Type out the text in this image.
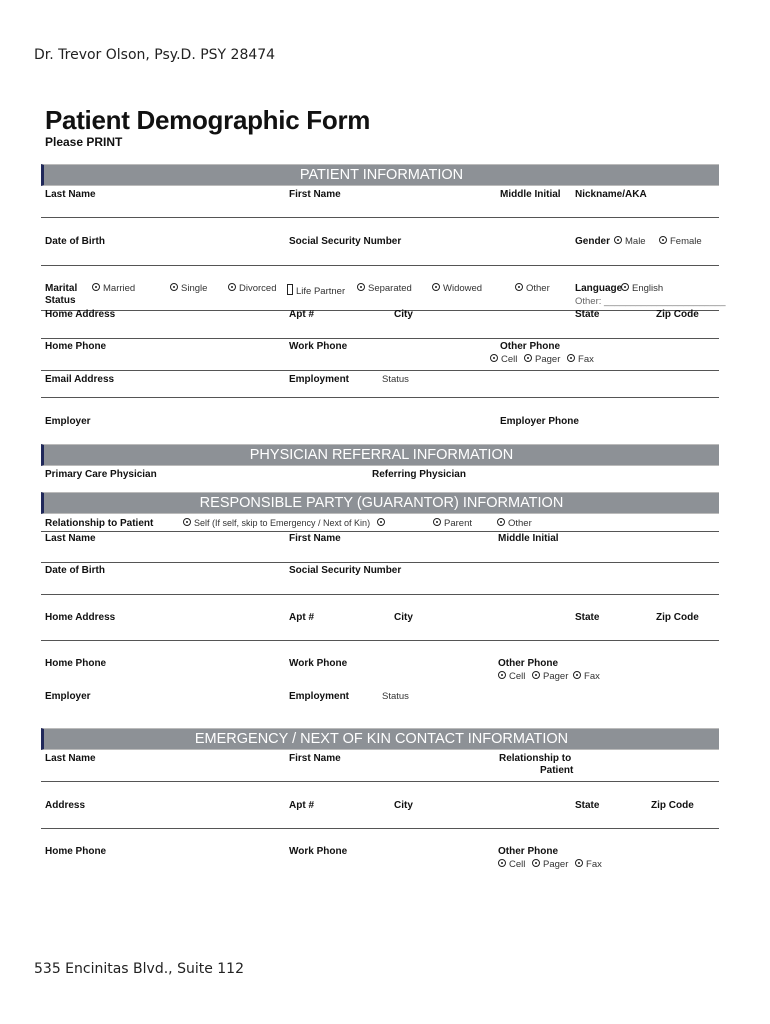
Dr. Trevor Olson, Psy.D. PSY 28474
Patient Demographic Form
Please PRINT
PATIENT INFORMATION
Last Name	First Name	Middle Initial Nickname/AKA
Date of Birth	Social Security Number	Gender	Male	Female
Marital
Status
Married	Single	Divorced	Life Partner	Separated	Widowed	Other	Language	English
Other: _______________________
Home Address	Apt #	City	State	Zip Code
Home Phone	Work Phone	Other Phone
Cell Pager Fax
Email Address	Employment	Status
Employer	Employer Phone
PHYSICIAN REFERRAL INFORMATION
Primary Care Physician	Referring Physician
RESPONSIBLE PARTY (GUARANTOR) INFORMATION
Relationship to Patient	Self (If self, skip to Emergency / Next of Kin)	Parent	Other
Last Name	First Name	Middle Initial
Date of Birth	Social Security Number
Home Address	Apt #	City	State	Zip Code
Home Phone	Work Phone	Other Phone
Cell Pager Fax
Employer	Employment	Status
EMERGENCY / NEXT OF KIN CONTACT INFORMATION
Last Name	First Name	Relationship to
Patient
Address	Apt #	City	State	Zip Code
Home Phone	Work Phone	Other Phone
Cell Pager Fax
535 Encinitas Blvd., Suite 112
